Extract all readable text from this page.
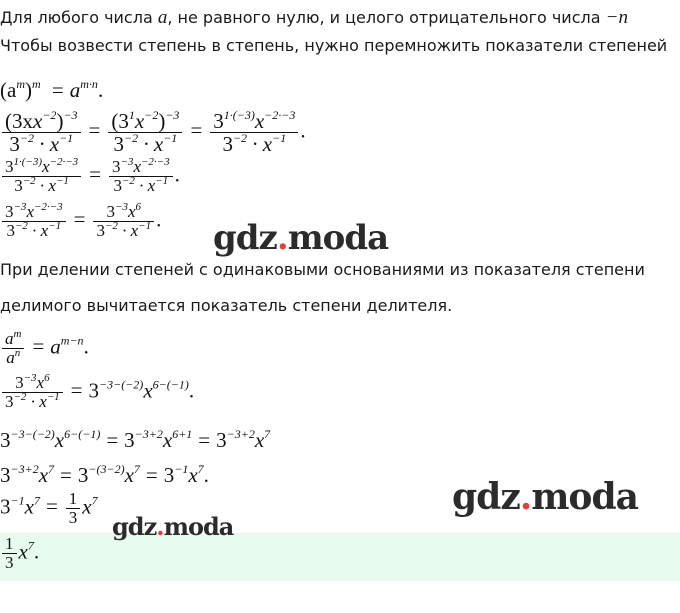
Для любого числа a, не равного нулю, и целого отрицательного числа −n
Чтобы возвести степень в степень, нужно перемножить показатели степеней
$(a^m)^m = a^{m\cdot n}$.
$\frac{(3xx^{-2})^{-3}}{3^{-2} \cdot x^{-1}} = \frac{(3^1x^{-2})^{-3}}{3^{-2} \cdot x^{-1}} = \frac{3^{1\cdot(-3)}x^{-2\cdot-3}}{3^{-2} \cdot x^{-1}}$ .
$\frac{3^{1\cdot(-3)}x^{-2\cdot-3}}{3^{-2} \cdot x^{-1}} = \frac{3^{-3}x^{-2\cdot-3}}{3^{-2} \cdot x^{-1}}$ .
$\frac{3^{-3}x^{-2\cdot-3}}{3^{-2} \cdot x^{-1}} = \frac{3^{-3}x^6}{3^{-2} \cdot x^{-1}}$ . gdz.moda
При делении степеней с одинаковыми основаниями из показателя степени
делимого вычитается показатель степени делителя.
$\frac{a^m}{a^n} = a^{m-n}$.
$\frac{3^{-3}x^6}{3^{-2} \cdot x^{-1}} = 3^{-3-(-2)}x^{6-(-1)}$.
$3^{-3-(-2)}x^{6-(-1)} = 3^{-3+2}x^{6+1} = 3^{-3+2}x^7$
$3^{-3+2}x^7 = 3^{-(3-2)}x^7 = 3^{-1}x^7$.
gdz.moda
$3^{-1}x^7 = \frac{1}{3} x^7$
gdz.moda
$\frac{1}{3} x^7$.
